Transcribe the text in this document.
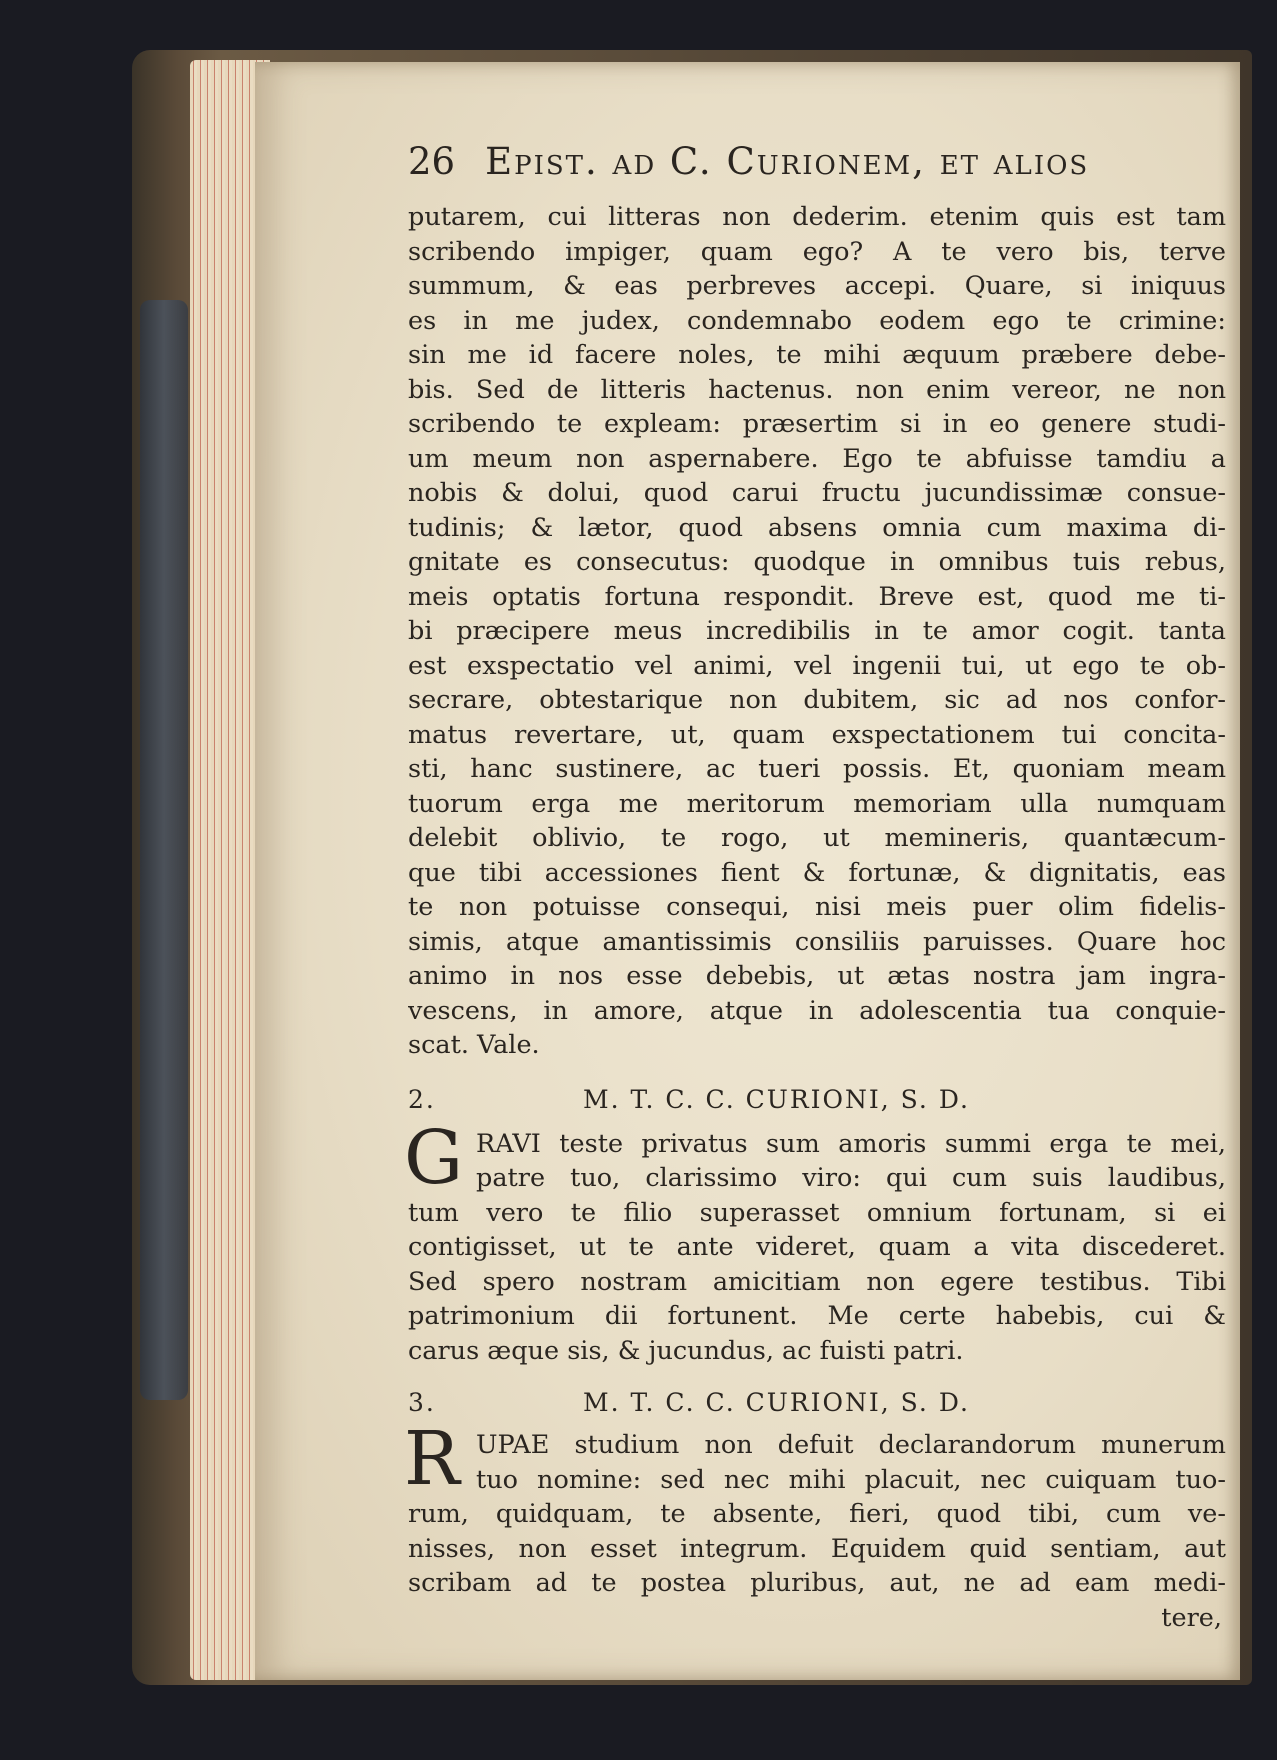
26 Epist. ad C. Curionem, et alios
putarem, cui litteras non dederim. etenim quis est tam
scribendo impiger, quam ego? A te vero bis, terve
summum, & eas perbreves accepi. Quare, si iniquus
es in me judex, condemnabo eodem ego te crimine:
sin me id facere noles, te mihi æquum præbere debe-
bis. Sed de litteris hactenus. non enim vereor, ne non
scribendo te expleam: præsertim si in eo genere studi-
um meum non aspernabere. Ego te abfuisse tamdiu a
nobis & dolui, quod carui fructu jucundissimæ consue-
tudinis; & lætor, quod absens omnia cum maxima di-
gnitate es consecutus: quodque in omnibus tuis rebus,
meis optatis fortuna respondit. Breve est, quod me ti-
bi præcipere meus incredibilis in te amor cogit. tanta
est exspectatio vel animi, vel ingenii tui, ut ego te ob-
secrare, obtestarique non dubitem, sic ad nos confor-
matus revertare, ut, quam exspectationem tui concita-
sti, hanc sustinere, ac tueri possis. Et, quoniam meam
tuorum erga me meritorum memoriam ulla numquam
delebit oblivio, te rogo, ut memineris, quantæcum-
que tibi accessiones fient & fortunæ, & dignitatis, eas
te non potuisse consequi, nisi meis puer olim fidelis-
simis, atque amantissimis consiliis paruisses. Quare hoc
animo in nos esse debebis, ut ætas nostra jam ingra-
vescens, in amore, atque in adolescentia tua conquie-
scat. Vale.
2.	M. T. C. C. CURIONI, S. D.
G RAVI teste privatus sum amoris summi erga te mei,
patre tuo, clarissimo viro: qui cum suis laudibus,
tum vero te filio superasset omnium fortunam, si ei
contigisset, ut te ante videret, quam a vita discederet.
Sed spero nostram amicitiam non egere testibus. Tibi
patrimonium dii fortunent. Me certe habebis, cui &
carus æque sis, & jucundus, ac fuisti patri.
3.	M. T. C. C. CURIONI, S. D.
R UPAE studium non defuit declarandorum munerum
tuo nomine: sed nec mihi placuit, nec cuiquam tuo-
rum, quidquam, te absente, fieri, quod tibi, cum ve-
nisses, non esset integrum. Equidem quid sentiam, aut
scribam ad te postea pluribus, aut, ne ad eam medi-
tere,
